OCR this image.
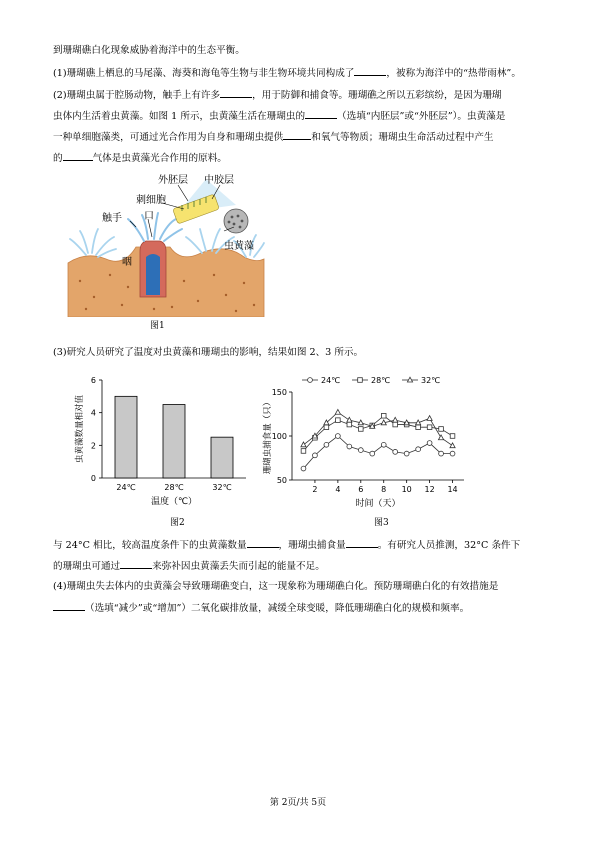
到珊瑚礁白化现象威胁着海洋中的生态平衡。
(1)珊瑚礁上栖息的马尾藻、海葵和海龟等生物与非生物环境共同构成了	，被称为海洋中的“热带雨林”。
(2)珊瑚虫属于腔肠动物，触手上有许多	，用于防御和捕食等。珊瑚礁之所以五彩缤纷，是因为珊瑚
虫体内生活着虫黄藻。如图 1 所示，虫黄藻生活在珊瑚虫的	（选填“内胚层”或“外胚层”）。虫黄藻是
一种单细胞藻类，可通过光合作用为自身和珊瑚虫提供	和氧气等物质；珊瑚虫生命活动过程中产生
的	气体是虫黄藻光合作用的原料。
外胚层 中胶层
刺细胞
触手 口
咽
虫黄藻
图1
(3)研究人员研究了温度对虫黄藻和珊瑚虫的影响，结果如图 2、3 所示。
0
2
4
6
24℃	28℃	32℃
温度（℃）
虫黄藻数量相对值
图2
50
100
150
2 4 6 8 10 12 14
时间（天）
珊瑚虫捕食量（只）
24℃	28℃	32℃
图3
与 24°C 相比，较高温度条件下的虫黄藻数量	，珊瑚虫捕食量	。有研究人员推测，32°C 条件下
的珊瑚虫可通过	来弥补因虫黄藻丢失而引起的能量不足。
(4)珊瑚虫失去体内的虫黄藻会导致珊瑚礁变白，这一现象称为珊瑚礁白化。预防珊瑚礁白化的有效措施是
（选填“减少”或“增加”）二氧化碳排放量，减缓全球变暖，降低珊瑚礁白化的规模和频率。
第 2页/共 5页
